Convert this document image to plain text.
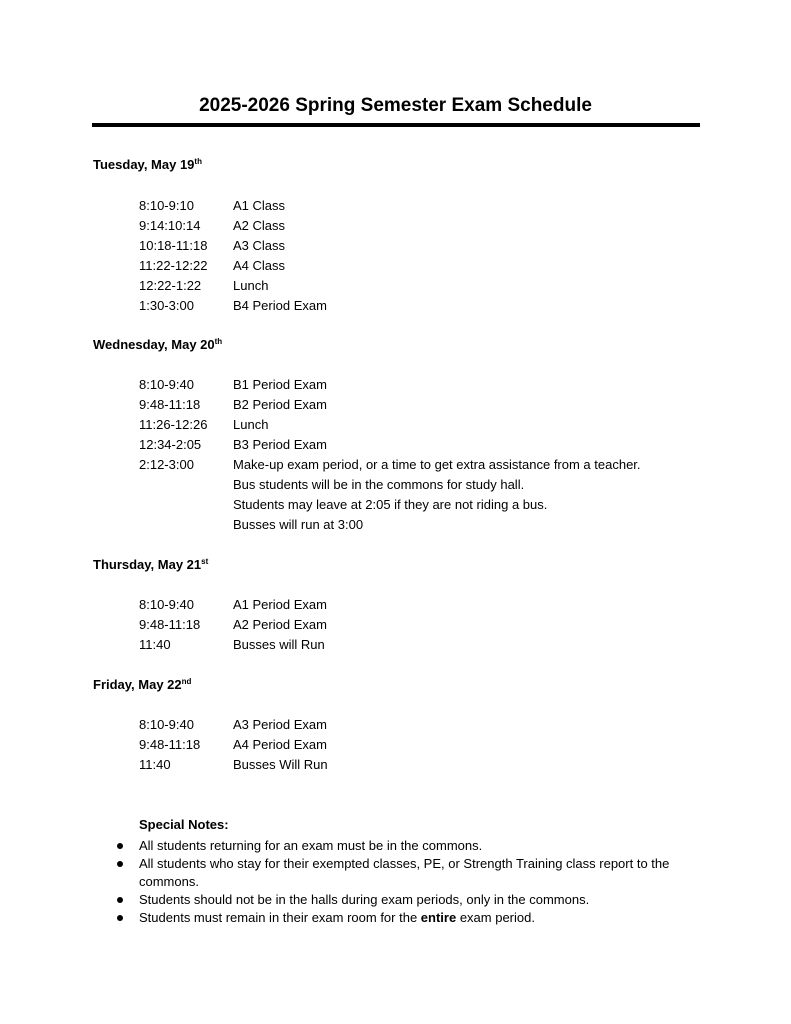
2025-2026 Spring Semester Exam Schedule
Tuesday, May 19th
8:10-9:10	A1 Class
9:14:10:14	A2 Class
10:18-11:18 A3 Class
11:22-12:22 A4 Class
12:22-1:22 Lunch
1:30-3:00	B4 Period Exam
Wednesday, May 20th
8:10-9:40	B1 Period Exam
9:48-11:18	B2 Period Exam
11:26-12:26 Lunch
12:34-2:05 B3 Period Exam
2:12-3:00	Make-up exam period, or a time to get extra assistance from a teacher.
Bus students will be in the commons for study hall.
Students may leave at 2:05 if they are not riding a bus.
Busses will run at 3:00
Thursday, May 21st
8:10-9:40	A1 Period Exam
9:48-11:18	A2 Period Exam
11:40	Busses will Run
Friday, May 22nd
8:10-9:40	A3 Period Exam
9:48-11:18	A4 Period Exam
11:40	Busses Will Run
Special Notes:
All students returning for an exam must be in the commons.
All students who stay for their exempted classes, PE, or Strength Training class report to the commons.
Students should not be in the halls during exam periods, only in the commons.
Students must remain in their exam room for the entire exam period.
